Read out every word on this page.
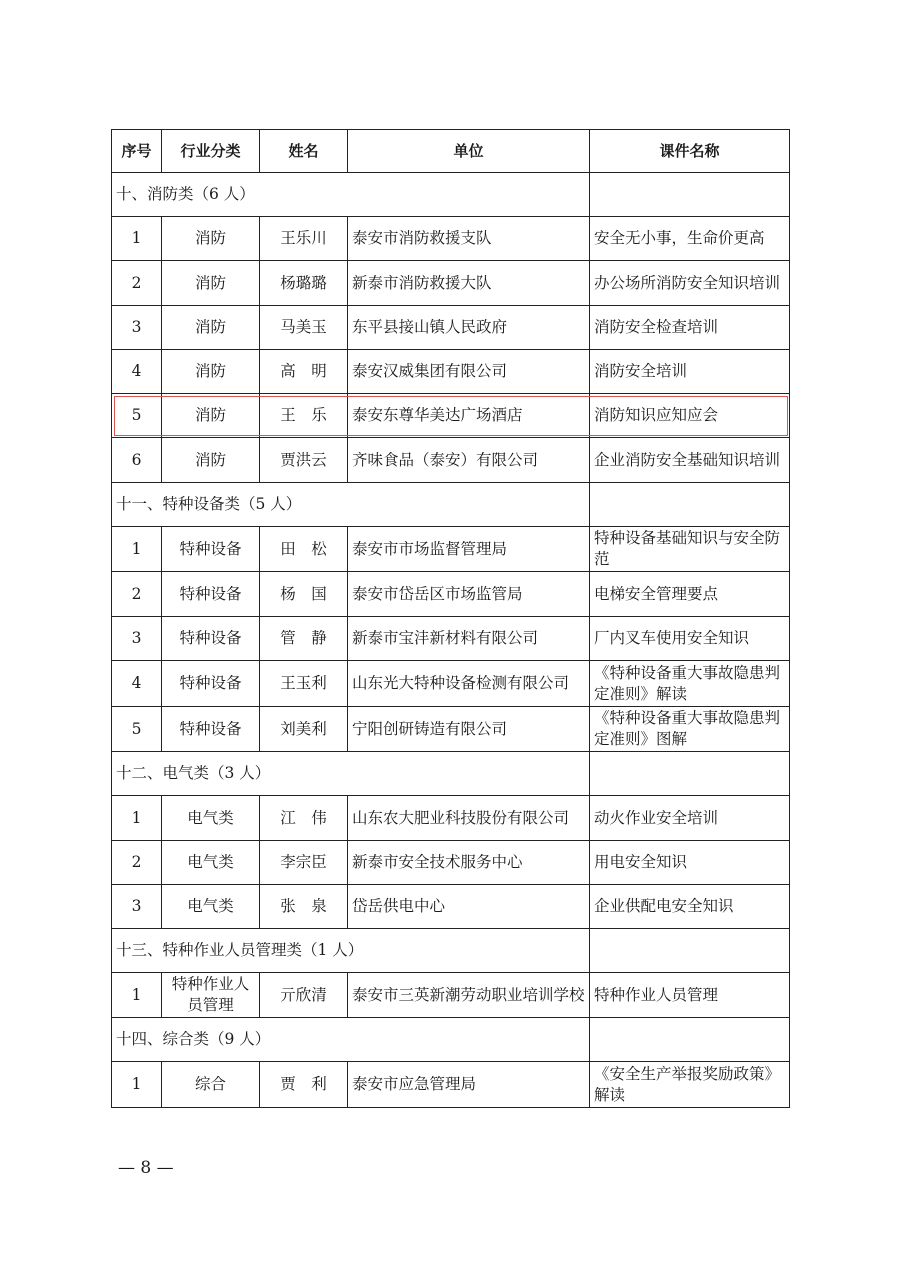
序号	行业分类	姓名	单位	课件名称
十、消防类（6 人）				
1	消防	王乐川	泰安市消防救援支队	安全无小事，生命价更高
2	消防	杨璐璐	新泰市消防救援大队	办公场所消防安全知识培训
3	消防	马美玉	东平县接山镇人民政府	消防安全检查培训
4	消防	高　明	泰安汉威集团有限公司	消防安全培训
5	消防	王　乐	泰安东尊华美达广场酒店	消防知识应知应会
6	消防	贾洪云	齐味食品（泰安）有限公司	企业消防安全基础知识培训
十一、特种设备类（5 人）				
1	特种设备	田　松	泰安市市场监督管理局	特种设备基础知识与安全防范
2	特种设备	杨　国	泰安市岱岳区市场监管局	电梯安全管理要点
3	特种设备	管　静	新泰市宝沣新材料有限公司	厂内叉车使用安全知识
4	特种设备	王玉利	山东光大特种设备检测有限公司	《特种设备重大事故隐患判定准则》解读
5	特种设备	刘美利	宁阳创研铸造有限公司	《特种设备重大事故隐患判定准则》图解
十二、电气类（3 人）				
1	电气类	江　伟	山东农大肥业科技股份有限公司	动火作业安全培训
2	电气类	李宗臣	新泰市安全技术服务中心	用电安全知识
3	电气类	张　泉	岱岳供电中心	企业供配电安全知识
十三、特种作业人员管理类（1 人）				
1	特种作业人员管理	亓欣清	泰安市三英新潮劳动职业培训学校	特种作业人员管理
十四、综合类（9 人）				
1	综合	贾　利	泰安市应急管理局	《安全生产举报奖励政策》解读
— 8 —
